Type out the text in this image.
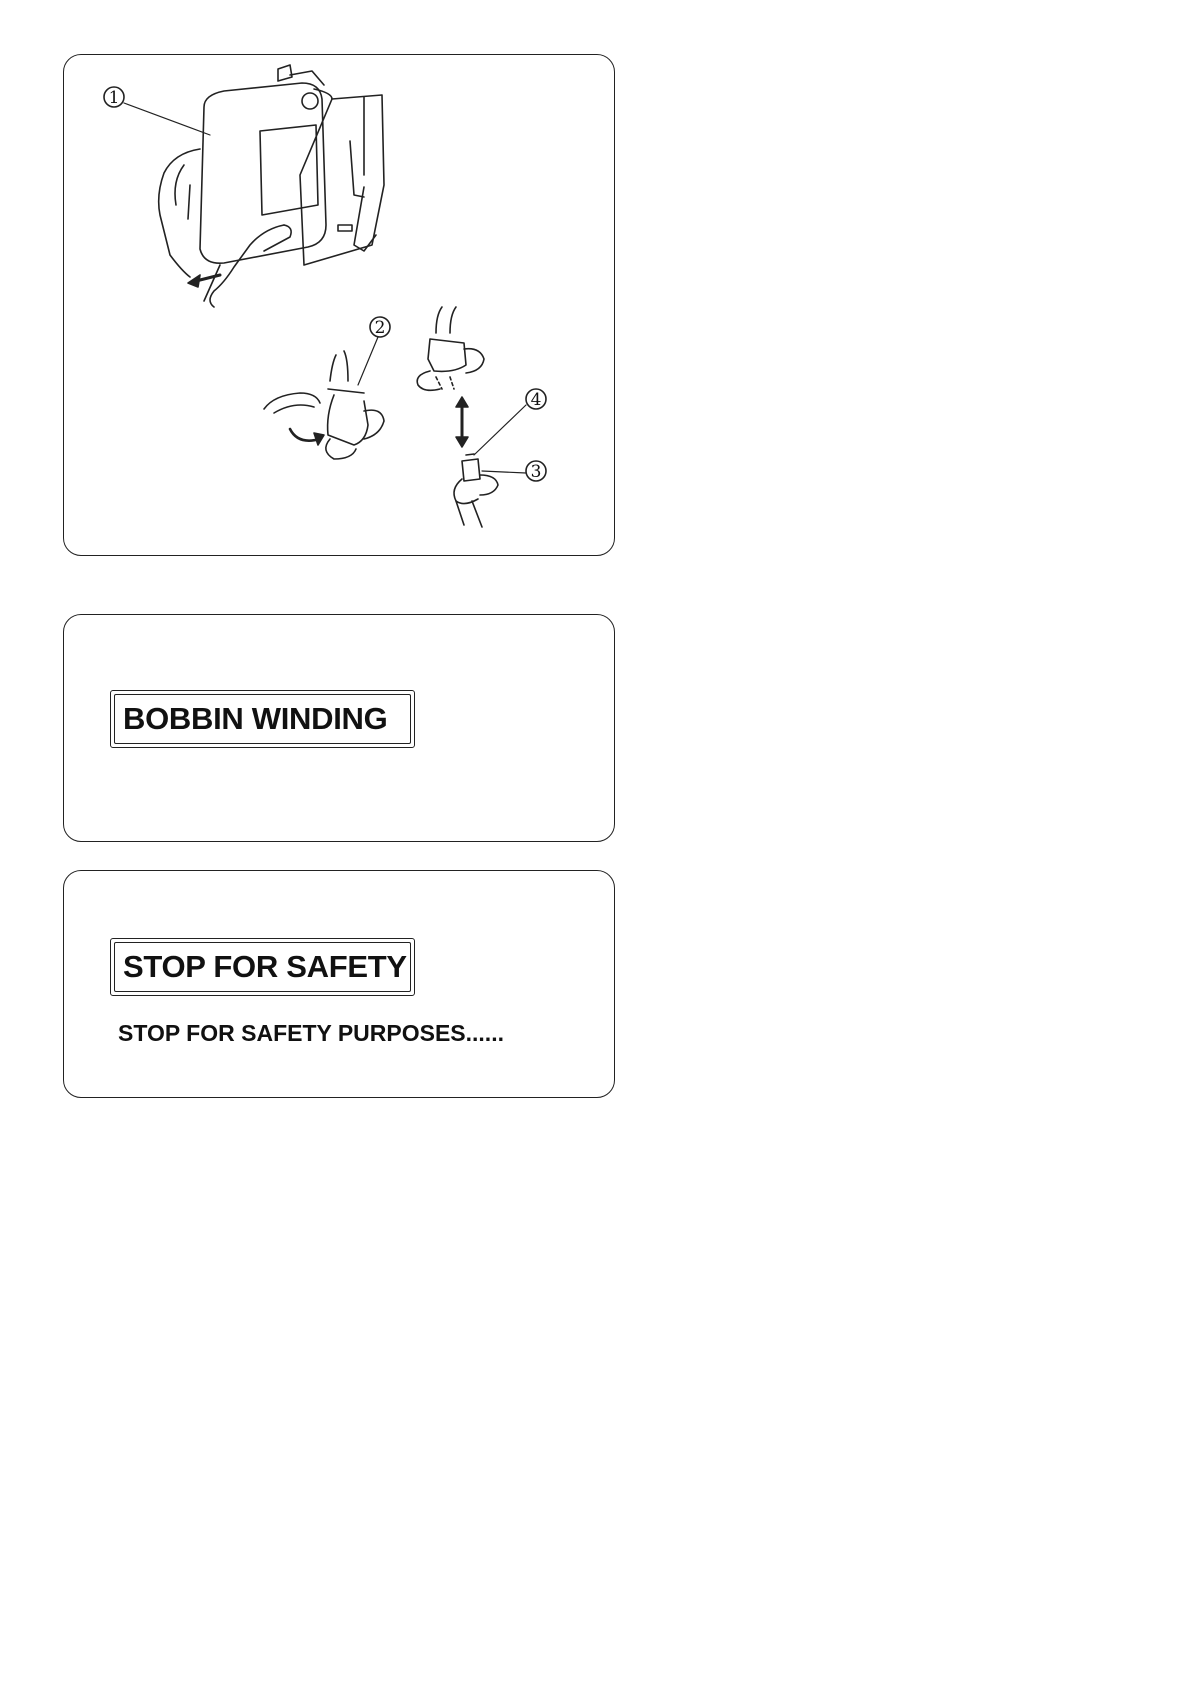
1
2
4
3
BOBBIN WINDING
STOP FOR SAFETY
STOP FOR SAFETY PURPOSES......
